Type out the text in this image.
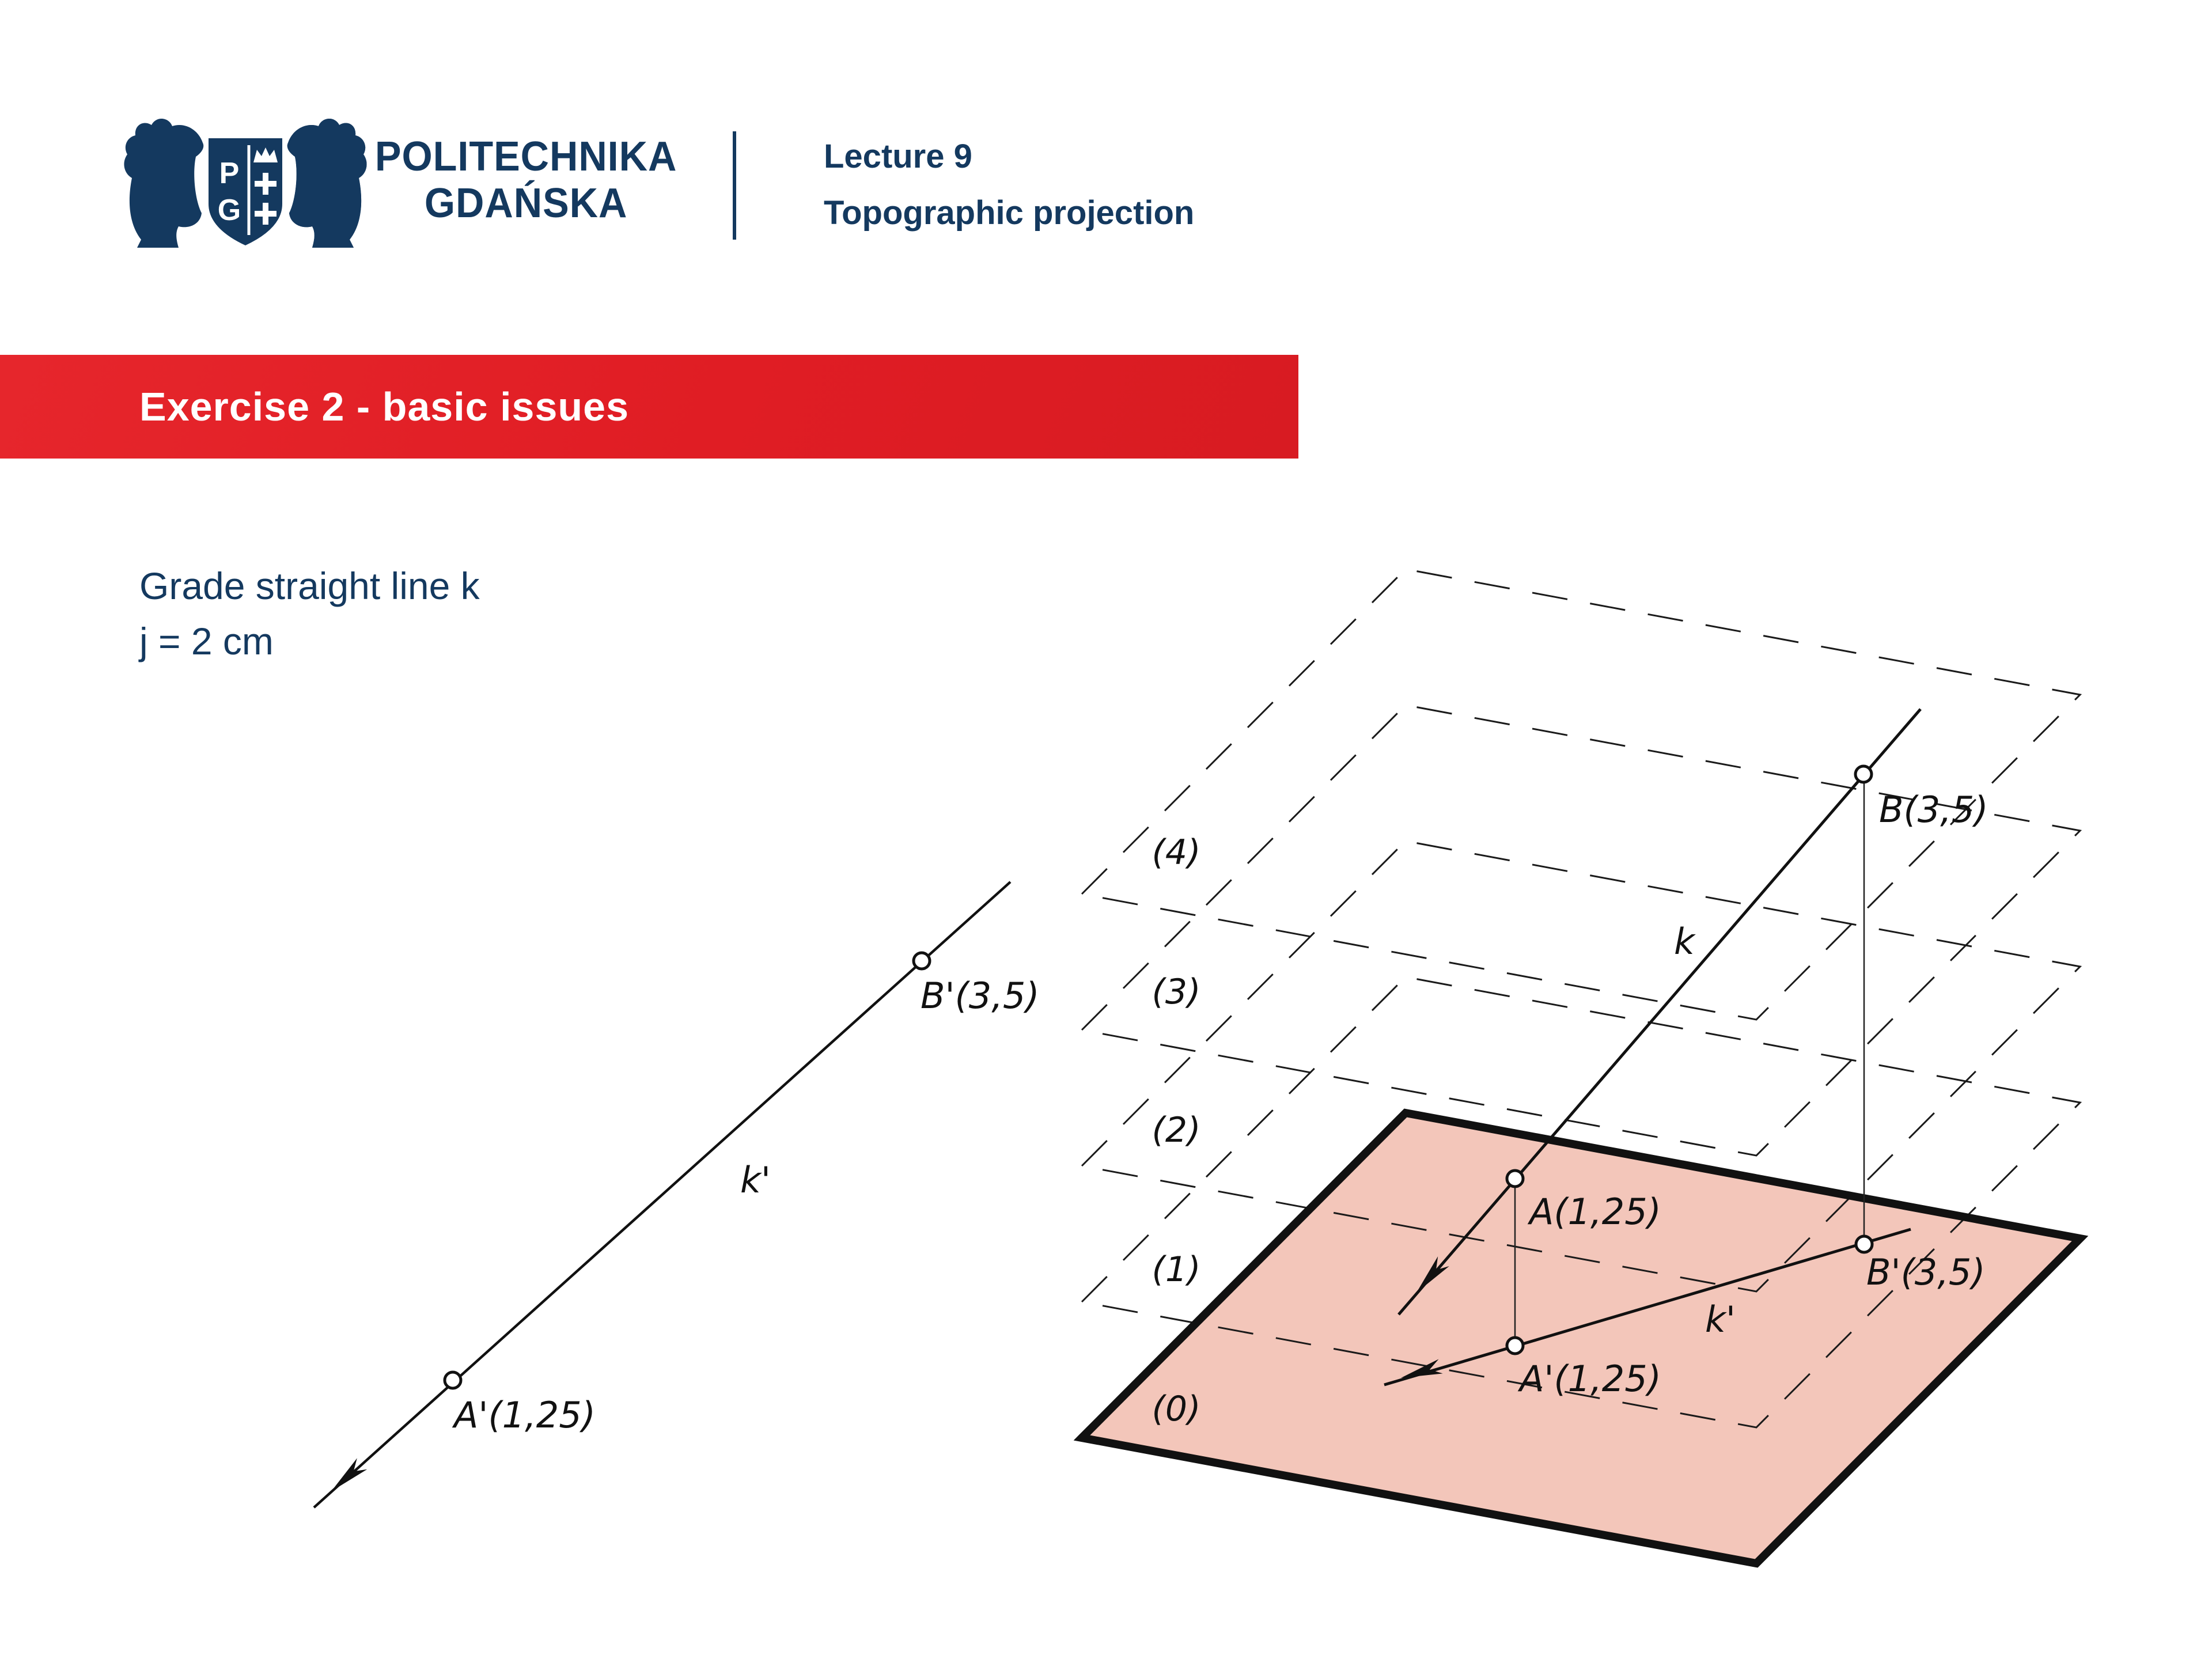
POLITECHNIKA
GDAŃSKA
Lecture 9
Topographic projection
Exercise 2 - basic issues
Grade straight line k
j = 2 cm
P
G
(4)
(3)
(2)
(1)
(0)
k
k'
B(3,5)
A(1,25)
B'(3,5)
A'(1,25)
k'
B'(3,5)
A'(1,25)
